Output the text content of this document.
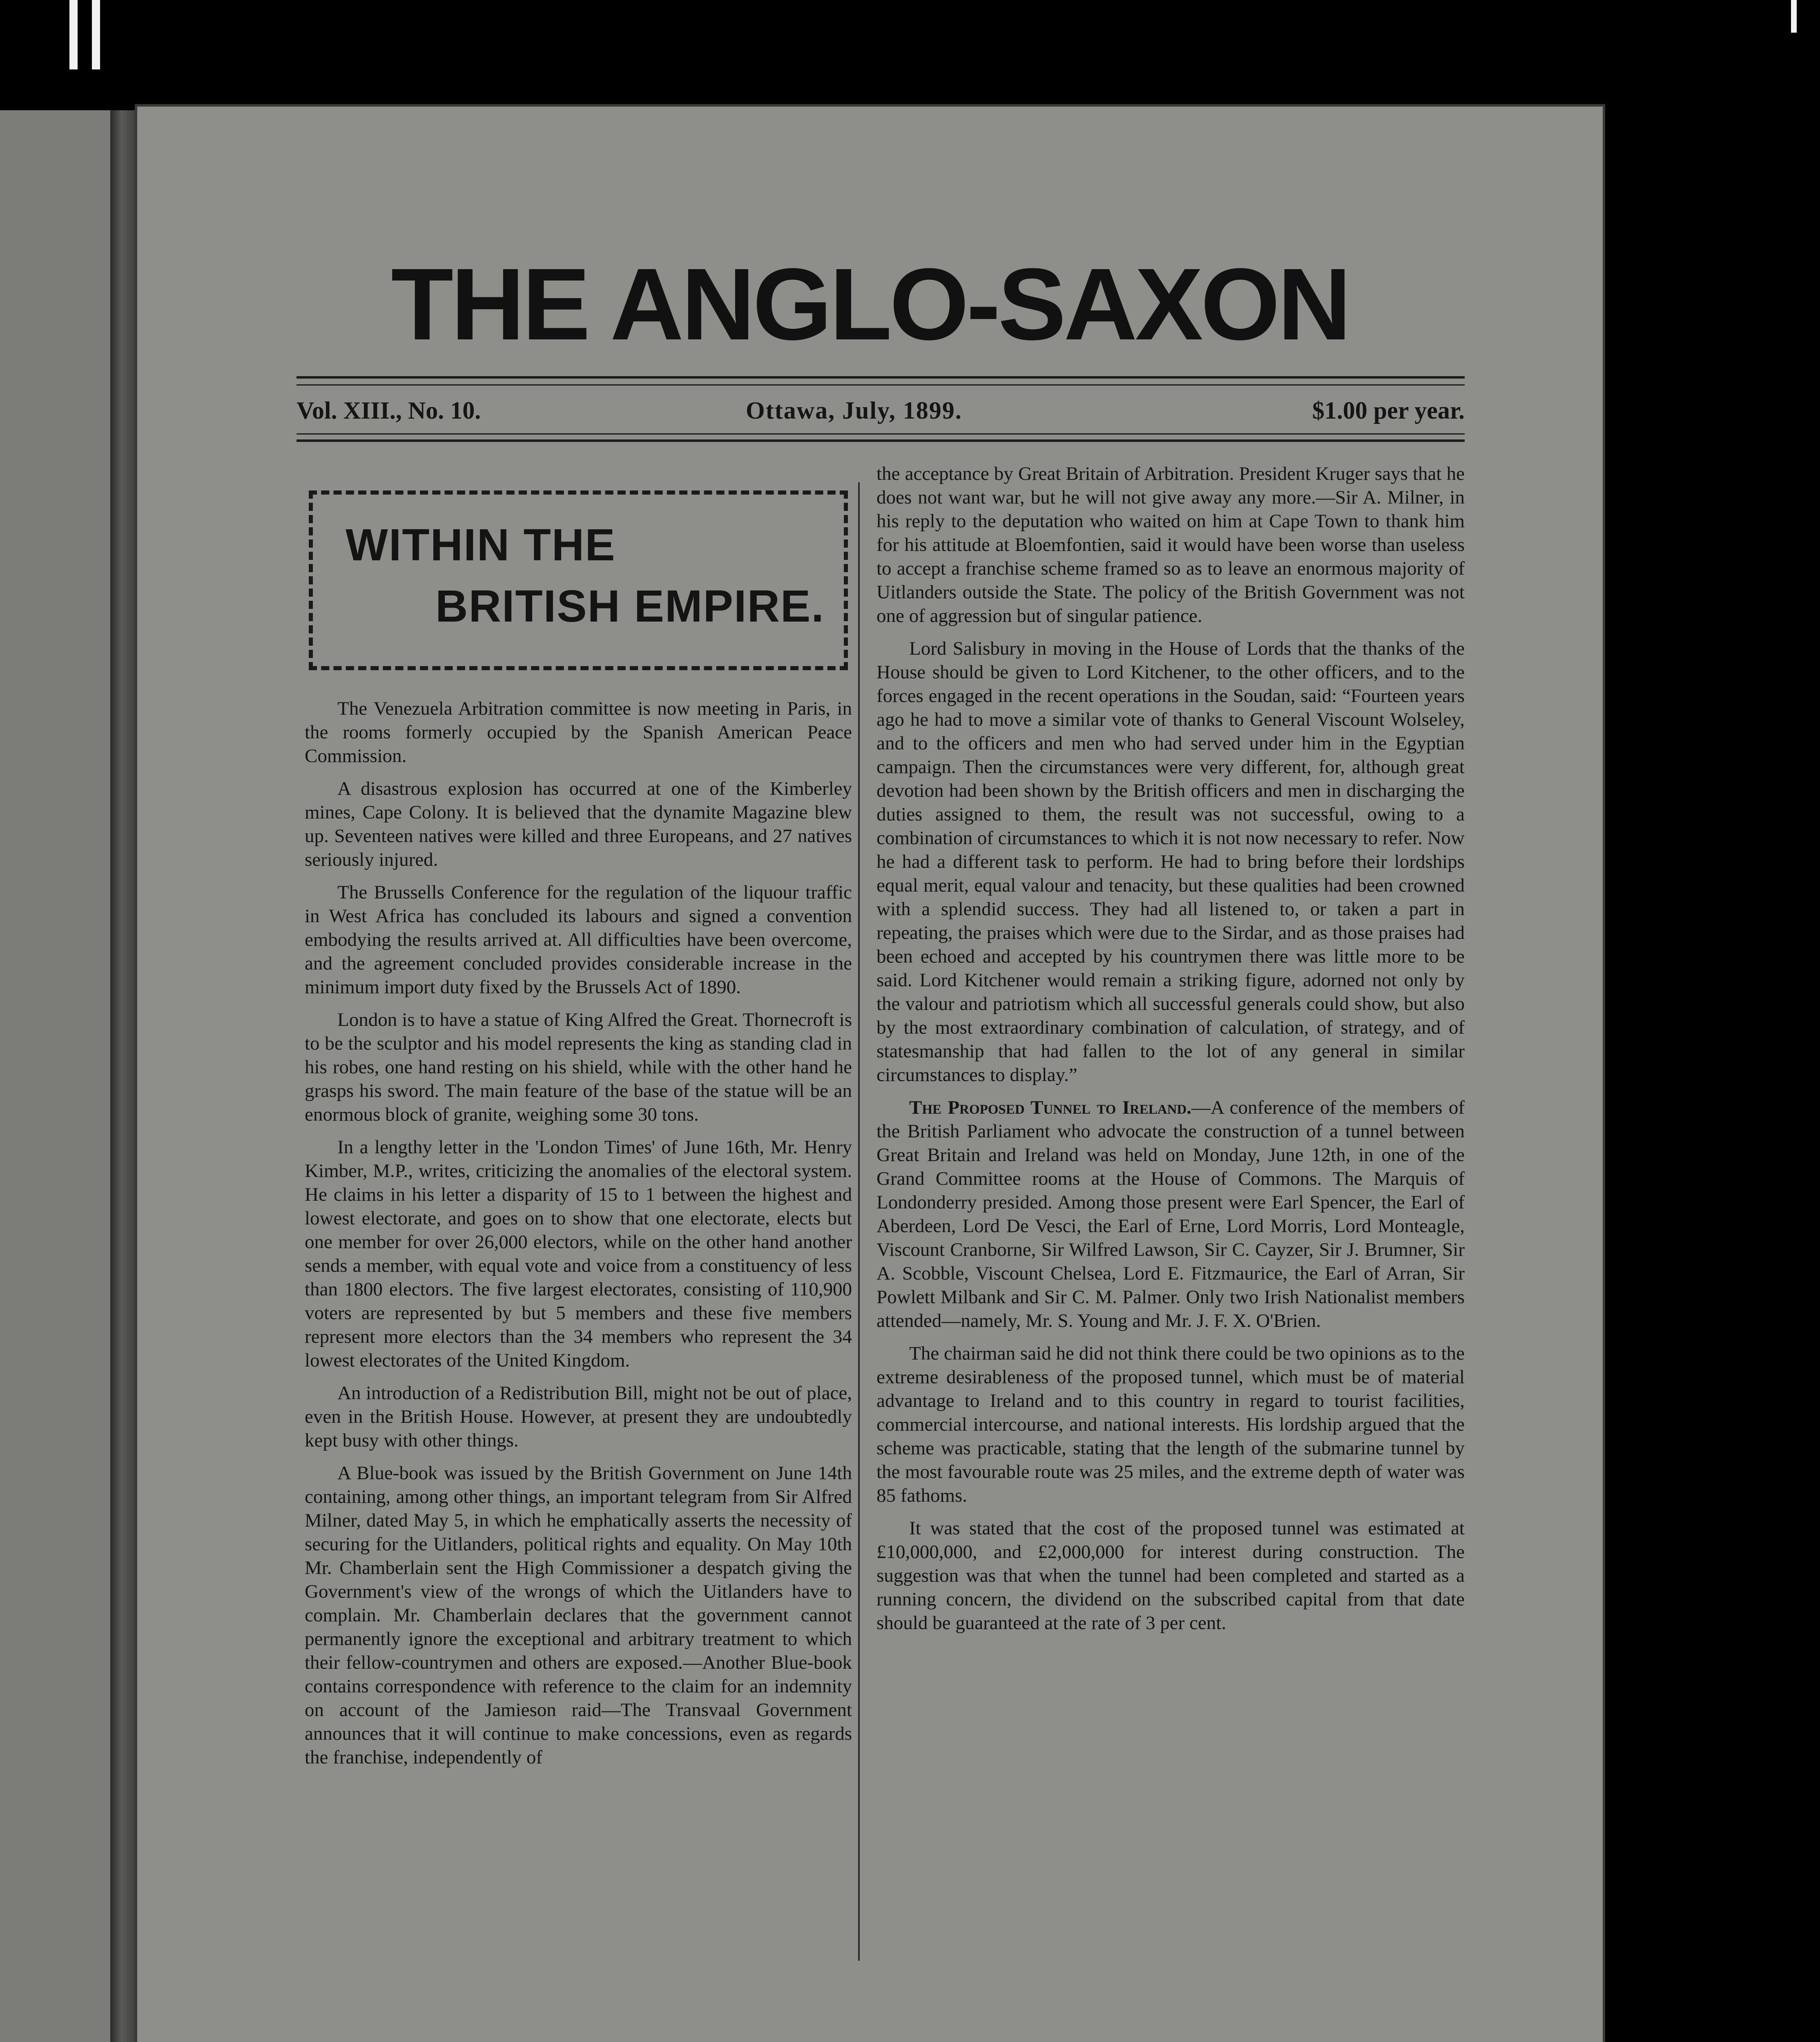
THE ANGLO-SAXON
Vol. XIII., No. 10.	Ottawa, July, 1899.	$1.00 per year.
WITHIN THE
BRITISH EMPIRE.

The Venezuela Arbitration committee is now meeting in Paris, in the rooms formerly occupied by the Spanish American Peace Commission.

A disastrous explosion has occurred at one of the Kimberley mines, Cape Colony. It is believed that the dynamite Magazine blew up. Seventeen natives were killed and three Europeans, and 27 natives seriously injured.

The Brussells Conference for the regulation of the liquour traffic in West Africa has concluded its labours and signed a convention embodying the results arrived at. All difficulties have been overcome, and the agreement concluded provides considerable increase in the minimum import duty fixed by the Brussels Act of 1890.

London is to have a statue of King Alfred the Great. Thornecroft is to be the sculptor and his model represents the king as standing clad in his robes, one hand resting on his shield, while with the other hand he grasps his sword. The main feature of the base of the statue will be an enormous block of granite, weighing some 30 tons.

In a lengthy letter in the 'London Times' of June 16th, Mr. Henry Kimber, M.P., writes, criticizing the anomalies of the electoral system. He claims in his letter a disparity of 15 to 1 between the highest and lowest electorate, and goes on to show that one electorate, elects but one member for over 26,000 electors, while on the other hand another sends a member, with equal vote and voice from a constituency of less than 1800 electors. The five largest electorates, consisting of 110,900 voters are represented by but 5 members and these five members represent more electors than the 34 members who represent the 34 lowest electorates of the United Kingdom.

An introduction of a Redistribution Bill, might not be out of place, even in the British House. However, at present they are undoubtedly kept busy with other things.

A Blue-book was issued by the British Government on June 14th containing, among other things, an important telegram from Sir Alfred Milner, dated May 5, in which he emphatically asserts the necessity of securing for the Uitlanders, political rights and equality. On May 10th Mr. Chamberlain sent the High Commissioner a despatch giving the Government's view of the wrongs of which the Uitlanders have to complain. Mr. Chamberlain declares that the government cannot permanently ignore the exceptional and arbitrary treatment to which their fellow-countrymen and others are exposed.—Another Blue-book contains correspondence with reference to the claim for an indemnity on account of the Jamieson raid—The Transvaal Government announces that it will continue to make concessions, even as regards the franchise, independently of

the acceptance by Great Britain of Arbitration. President Kruger says that he does not want war, but he will not give away any more.—Sir A. Milner, in his reply to the deputation who waited on him at Cape Town to thank him for his attitude at Bloemfontien, said it would have been worse than useless to accept a franchise scheme framed so as to leave an enormous majority of Uitlanders outside the State. The policy of the British Government was not one of aggression but of singular patience.

Lord Salisbury in moving in the House of Lords that the thanks of the House should be given to Lord Kitchener, to the other officers, and to the forces engaged in the recent operations in the Soudan, said: “Fourteen years ago he had to move a similar vote of thanks to General Viscount Wolseley, and to the officers and men who had served under him in the Egyptian campaign. Then the circumstances were very different, for, although great devotion had been shown by the British officers and men in discharging the duties assigned to them, the result was not successful, owing to a combination of circumstances to which it is not now necessary to refer. Now he had a different task to perform. He had to bring before their lordships equal merit, equal valour and tenacity, but these qualities had been crowned with a splendid success. They had all listened to, or taken a part in repeating, the praises which were due to the Sirdar, and as those praises had been echoed and accepted by his countrymen there was little more to be said. Lord Kitchener would remain a striking figure, adorned not only by the valour and patriotism which all successful generals could show, but also by the most extraordinary combination of calculation, of strategy, and of statesmanship that had fallen to the lot of any general in similar circumstances to display.”

The Proposed Tunnel to Ireland.—A conference of the members of the British Parliament who advocate the construction of a tunnel between Great Britain and Ireland was held on Monday, June 12th, in one of the Grand Committee rooms at the House of Commons. The Marquis of Londonderry presided. Among those present were Earl Spencer, the Earl of Aberdeen, Lord De Vesci, the Earl of Erne, Lord Morris, Lord Monteagle, Viscount Cranborne, Sir Wilfred Lawson, Sir C. Cayzer, Sir J. Brumner, Sir A. Scobble, Viscount Chelsea, Lord E. Fitzmaurice, the Earl of Arran, Sir Powlett Milbank and Sir C. M. Palmer. Only two Irish Nationalist members attended—namely, Mr. S. Young and Mr. J. F. X. O'Brien.

The chairman said he did not think there could be two opinions as to the extreme desirableness of the proposed tunnel, which must be of material advantage to Ireland and to this country in regard to tourist facilities, commercial intercourse, and national interests. His lordship argued that the scheme was practicable, stating that the length of the submarine tunnel by the most favourable route was 25 miles, and the extreme depth of water was 85 fathoms.

It was stated that the cost of the proposed tunnel was estimated at £10,000,000, and £2,000,000 for interest during construction. The suggestion was that when the tunnel had been completed and started as a running concern, the dividend on the subscribed capital from that date should be guaranteed at the rate of 3 per cent.
